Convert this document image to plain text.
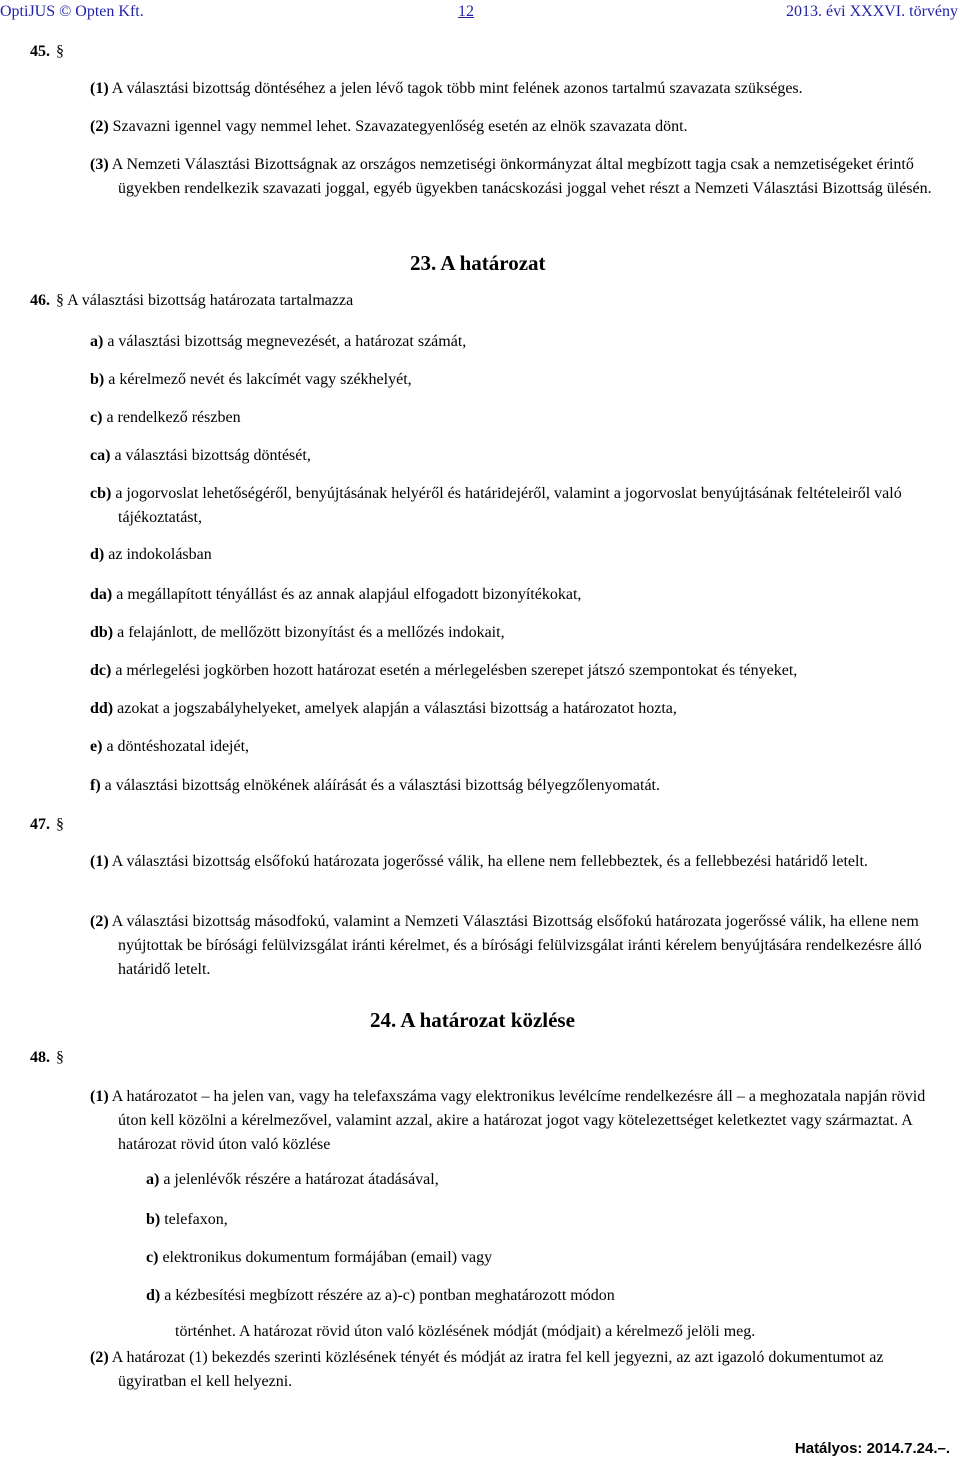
OptiJUS © Opten Kft.	12	2013. évi XXXVI. törvény
45. §
(1) A választási bizottság döntéséhez a jelen lévő tagok több mint felének azonos tartalmú szavazata szükséges.
(2) Szavazni igennel vagy nemmel lehet. Szavazategyenlőség esetén az elnök szavazata dönt.
(3) A Nemzeti Választási Bizottságnak az országos nemzetiségi önkormányzat által megbízott tagja csak a nemzetiségeket érintő ügyekben rendelkezik szavazati joggal, egyéb ügyekben tanácskozási joggal vehet részt a Nemzeti Választási Bizottság ülésén.
23. A határozat
46. § A választási bizottság határozata tartalmazza
a) a választási bizottság megnevezését, a határozat számát,
b) a kérelmező nevét és lakcímét vagy székhelyét,
c) a rendelkező részben
ca) a választási bizottság döntését,
cb) a jogorvoslat lehetőségéről, benyújtásának helyéről és határidejéről, valamint a jogorvoslat benyújtásának feltételeiről való tájékoztatást,
d) az indokolásban
da) a megállapított tényállást és az annak alapjául elfogadott bizonyítékokat,
db) a felajánlott, de mellőzött bizonyítást és a mellőzés indokait,
dc) a mérlegelési jogkörben hozott határozat esetén a mérlegelésben szerepet játszó szempontokat és tényeket,
dd) azokat a jogszabályhelyeket, amelyek alapján a választási bizottság a határozatot hozta,
e) a döntéshozatal idejét,
f) a választási bizottság elnökének aláírását és a választási bizottság bélyegzőlenyomatát.
47. §
(1) A választási bizottság elsőfokú határozata jogerőssé válik, ha ellene nem fellebbeztek, és a fellebbezési határidő letelt.
(2) A választási bizottság másodfokú, valamint a Nemzeti Választási Bizottság elsőfokú határozata jogerőssé válik, ha ellene nem nyújtottak be bírósági felülvizsgálat iránti kérelmet, és a bírósági felülvizsgálat iránti kérelem benyújtására rendelkezésre álló határidő letelt.
24. A határozat közlése
48. §
(1) A határozatot – ha jelen van, vagy ha telefaxszáma vagy elektronikus levélcíme rendelkezésre áll – a meghozatala napján rövid úton kell közölni a kérelmezővel, valamint azzal, akire a határozat jogot vagy kötelezettséget keletkeztet vagy származtat. A határozat rövid úton való közlése
a) a jelenlévők részére a határozat átadásával,
b) telefaxon,
c) elektronikus dokumentum formájában (email) vagy
d) a kézbesítési megbízott részére az a)-c) pontban meghatározott módon
történhet. A határozat rövid úton való közlésének módját (módjait) a kérelmező jelöli meg.
(2) A határozat (1) bekezdés szerinti közlésének tényét és módját az iratra fel kell jegyezni, az azt igazoló dokumentumot az ügyiratban el kell helyezni.
Hatályos: 2014.7.24.–.
